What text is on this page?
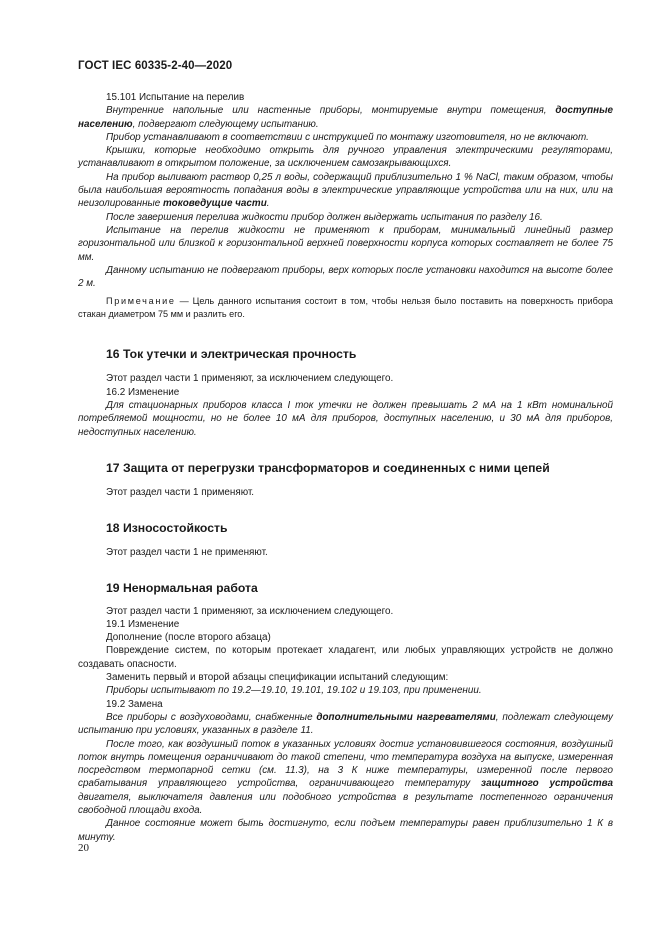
ГОСТ IEC 60335-2-40—2020

15.101 Испытание на перелив

Внутренние напольные или настенные приборы, монтируемые внутри помещения, доступные населению, подвергают следующему испытанию.

Прибор устанавливают в соответствии с инструкцией по монтажу изготовителя, но не включают.

Крышки, которые необходимо открыть для ручного управления электрическими регуляторами, устанавливают в открытом положение, за исключением самозакрывающихся.

На прибор выливают раствор 0,25 л воды, содержащий приблизительно 1 % NaCl, таким образом, чтобы была наибольшая вероятность попадания воды в электрические управляющие устройства или на них, или на неизолированные токоведущие части.

После завершения перелива жидкости прибор должен выдержать испытания по разделу 16.

Испытание на перелив жидкости не применяют к приборам, минимальный линейный размер горизонтальной или близкой к горизонтальной верхней поверхности корпуса которых составляет не более 75 мм.

Данному испытанию не подвергают приборы, верх которых после установки находится на высоте более 2 м.

Примечание — Цель данного испытания состоит в том, чтобы нельзя было поставить на поверхность прибора стакан диаметром 75 мм и разлить его.

16 Ток утечки и электрическая прочность

Этот раздел части 1 применяют, за исключением следующего.

16.2 Изменение

Для стационарных приборов класса I ток утечки не должен превышать 2 мА на 1 кВт номинальной потребляемой мощности, но не более 10 мА для приборов, доступных населению, и 30 мА для приборов, недоступных населению.

17 Защита от перегрузки трансформаторов и соединенных с ними цепей

Этот раздел части 1 применяют.

18 Износостойкость

Этот раздел части 1 не применяют.

19 Ненормальная работа

Этот раздел части 1 применяют, за исключением следующего.

19.1 Изменение

Дополнение (после второго абзаца)

Повреждение систем, по которым протекает хладагент, или любых управляющих устройств не должно создавать опасности.

Заменить первый и второй абзацы спецификации испытаний следующим:

Приборы испытывают по 19.2—19.10, 19.101, 19.102 и 19.103, при применении.

19.2 Замена

Все приборы с воздуховодами, снабженные дополнительными нагревателями, подлежат следующему испытанию при условиях, указанных в разделе 11.

После того, как воздушный поток в указанных условиях достиг установившегося состояния, воздушный поток внутрь помещения ограничивают до такой степени, что температура воздуха на выпуске, измеренная посредством термопарной сетки (см. 11.3), на 3 К ниже температуры, измеренной после первого срабатывания управляющего устройства, ограничивающего температуру защитного устройства двигателя, выключателя давления или подобного устройства в результате постепенного ограничения свободной площади входа.

Данное состояние может быть достигнуто, если подъем температуры равен приблизительно 1 К в минуту.

20
